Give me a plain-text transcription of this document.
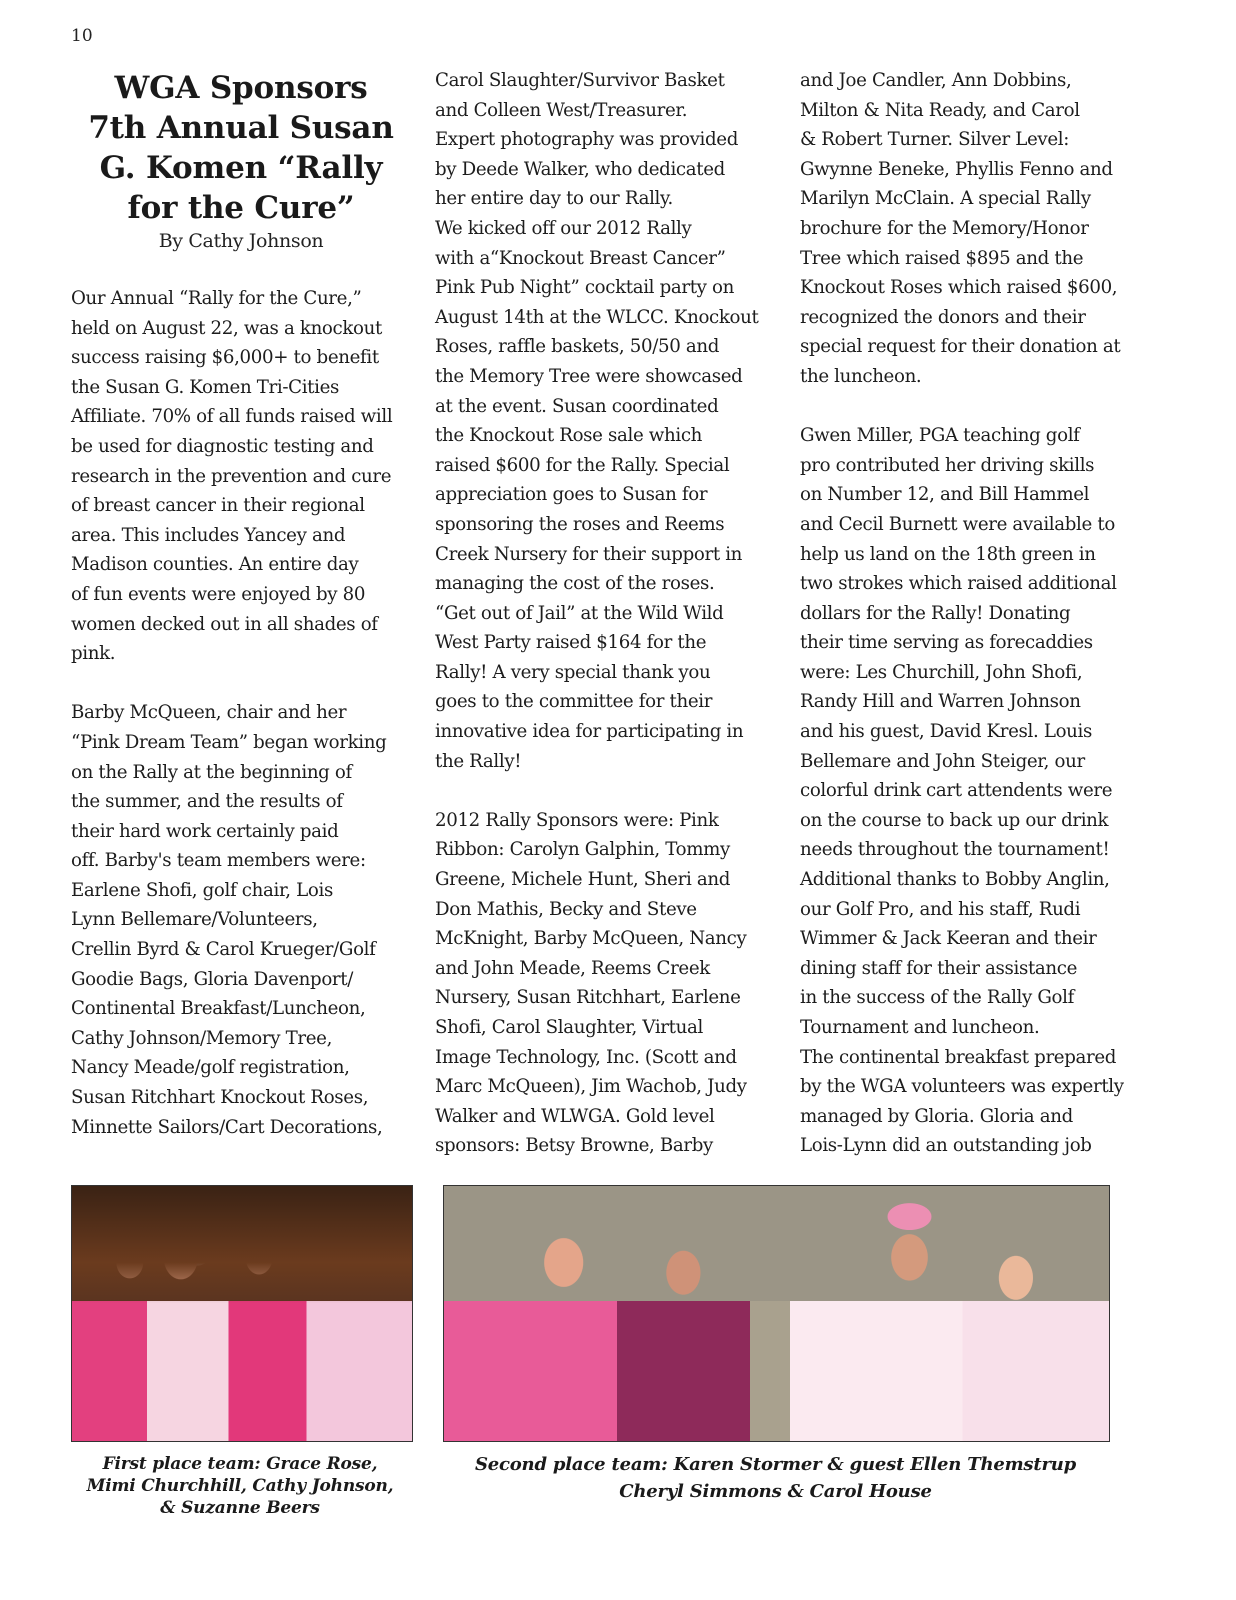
10
WGA Sponsors
7th Annual Susan
G. Komen “Rally
for the Cure”
By Cathy Johnson
Our Annual “Rally for the Cure,”
held on August 22, was a knockout
success raising $6,000+ to benefit
the Susan G. Komen Tri-Cities
Affiliate. 70% of all funds raised will
be used for diagnostic testing and
research in the prevention and cure
of breast cancer in their regional
area. This includes Yancey and
Madison counties. An entire day
of fun events were enjoyed by 80
women decked out in all shades of
pink.
Barby McQueen, chair and her
“Pink Dream Team” began working
on the Rally at the beginning of
the summer, and the results of
their hard work certainly paid
off. Barby's team members were:
Earlene Shofi, golf chair, Lois
Lynn Bellemare/Volunteers,
Crellin Byrd & Carol Krueger/Golf
Goodie Bags, Gloria Davenport/
Continental Breakfast/Luncheon,
Cathy Johnson/Memory Tree,
Nancy Meade/golf registration,
Susan Ritchhart Knockout Roses,
Minnette Sailors/Cart Decorations,
Carol Slaughter/Survivor Basket
and Colleen West/Treasurer.
Expert photography was provided
by Deede Walker, who dedicated
her entire day to our Rally.
We kicked off our 2012 Rally
with a“Knockout Breast Cancer”
Pink Pub Night” cocktail party on
August 14th at the WLCC. Knockout
Roses, raffle baskets, 50/50 and
the Memory Tree were showcased
at the event. Susan coordinated
the Knockout Rose sale which
raised $600 for the Rally. Special
appreciation goes to Susan for
sponsoring the roses and Reems
Creek Nursery for their support in
managing the cost of the roses.
“Get out of Jail” at the Wild Wild
West Party raised $164 for the
Rally! A very special thank you
goes to the committee for their
innovative idea for participating in
the Rally!
2012 Rally Sponsors were: Pink
Ribbon: Carolyn Galphin, Tommy
Greene, Michele Hunt, Sheri and
Don Mathis, Becky and Steve
McKnight, Barby McQueen, Nancy
and John Meade, Reems Creek
Nursery, Susan Ritchhart, Earlene
Shofi, Carol Slaughter, Virtual
Image Technology, Inc. (Scott and
Marc McQueen), Jim Wachob, Judy
Walker and WLWGA. Gold level
sponsors: Betsy Browne, Barby
and Joe Candler, Ann Dobbins,
Milton & Nita Ready, and Carol
& Robert Turner. Silver Level:
Gwynne Beneke, Phyllis Fenno and
Marilyn McClain. A special Rally
brochure for the Memory/Honor
Tree which raised $895 and the
Knockout Roses which raised $600,
recognized the donors and their
special request for their donation at
the luncheon.
Gwen Miller, PGA teaching golf
pro contributed her driving skills
on Number 12, and Bill Hammel
and Cecil Burnett were available to
help us land on the 18th green in
two strokes which raised additional
dollars for the Rally! Donating
their time serving as forecaddies
were: Les Churchill, John Shofi,
Randy Hill and Warren Johnson
and his guest, David Kresl. Louis
Bellemare and John Steiger, our
colorful drink cart attendents were
on the course to back up our drink
needs throughout the tournament!
Additional thanks to Bobby Anglin,
our Golf Pro, and his staff, Rudi
Wimmer & Jack Keeran and their
dining staff for their assistance
in the success of the Rally Golf
Tournament and luncheon.
The continental breakfast prepared
by the WGA volunteers was expertly
managed by Gloria. Gloria and
Lois-Lynn did an outstanding job
First place team: Grace Rose,
Mimi Churchhill, Cathy Johnson,
& Suzanne Beers
Second place team: Karen Stormer & guest Ellen Themstrup
Cheryl Simmons & Carol House
